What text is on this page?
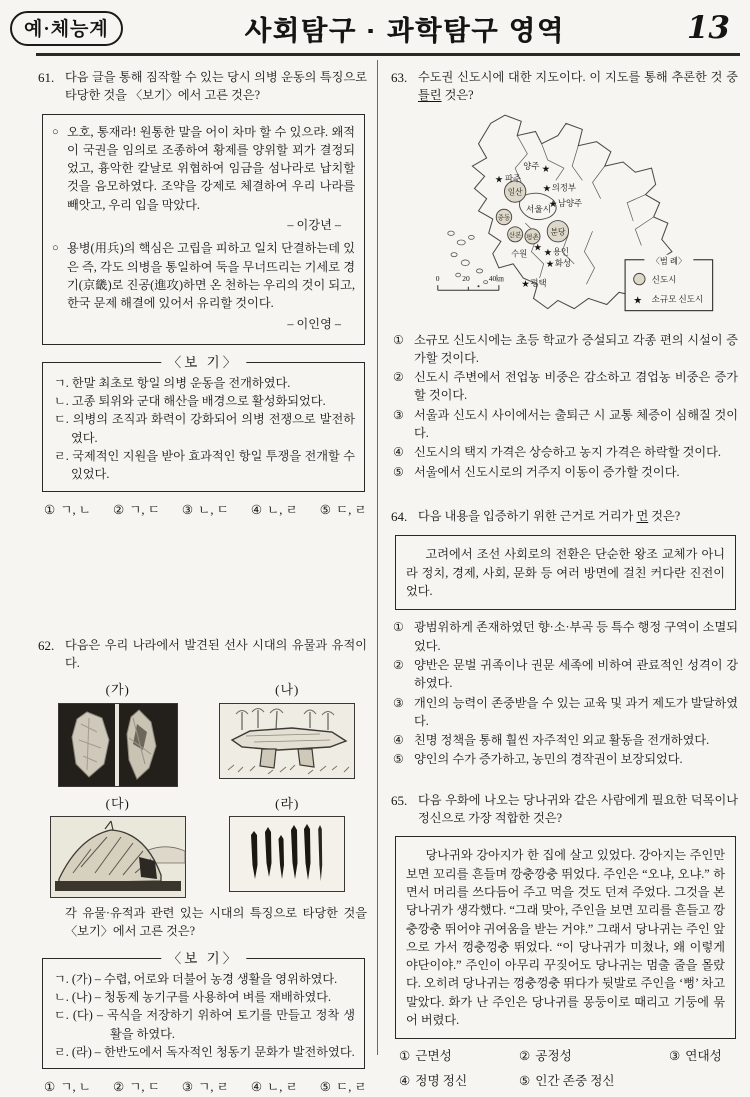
예·체능계	사회탐구 · 과학탐구 영역	13
61. 다음 글을 통해 짐작할 수 있는 당시 의병 운동의 특징으로 타당한 것을 〈보기〉에서 고른 것은?
○ 오호, 통재라! 원통한 말을 어이 차마 할 수 있으랴. 왜적이 국권을 임의로 조종하여 황제를 양위할 꾀가 결정되었고, 흉악한 칼날로 위협하여 임금을 섬나라로 납치할 것을 음모하였다. 조약을 강제로 체결하여 우리 나라를 빼앗고, 우리 입을 막았다.
– 이강년 –
○ 용병(用兵)의 핵심은 고립을 피하고 일치 단결하는데 있은 즉, 각도 의병을 통일하여 둑을 무너뜨리는 기세로 경기(京畿)로 진공(進攻)하면 온 천하는 우리의 것이 되고, 한국 문제 해결에 있어서 유리할 것이다.
– 이인영 –
〈보 기〉
ㄱ. 한말 최초로 항일 의병 운동을 전개하였다.
ㄴ. 고종 퇴위와 군대 해산을 배경으로 활성화되었다.
ㄷ. 의병의 조직과 화력이 강화되어 의병 전쟁으로 발전하였다.
ㄹ. 국제적인 지원을 받아 효과적인 항일 투쟁을 전개할 수 있었다.
① ㄱ, ㄴ ② ㄱ, ㄷ ③ ㄴ, ㄷ ④ ㄴ, ㄹ ⑤ ㄷ, ㄹ
62. 다음은 우리 나라에서 발견된 선사 시대의 유물과 유적이다.
(가)	(나)
(다)	(라)
각 유물·유적과 관련 있는 시대의 특징으로 타당한 것을 〈보기〉에서 고른 것은?
〈보 기〉
ㄱ. (가) – 수렵, 어로와 더불어 농경 생활을 영위하였다.
ㄴ. (나) – 청동제 농기구를 사용하여 벼를 재배하였다.
ㄷ. (다) – 곡식을 저장하기 위하여 토기를 만들고 정착 생활을 하였다.
ㄹ. (라) – 한반도에서 독자적인 청동기 문화가 발전하였다.
① ㄱ, ㄴ ② ㄱ, ㄷ ③ ㄱ, ㄹ ④ ㄴ, ㄹ ⑤ ㄷ, ㄹ
63. 수도권 신도시에 대한 지도이다. 이 지도를 통해 추론한 것 중 틀린 것은?
일산
중동
산본 평촌
분당
서울시
★
★
★
★
★ ★
★
★
파주
양주
의정부
남양주
수원	용인
화성
평택
0	20	40㎞
〈범 례〉
신도시
★ 소규모 신도시
① 소규모 신도시에는 초등 학교가 증설되고 각종 편의 시설이 증가할 것이다.
② 신도시 주변에서 전업농 비중은 감소하고 겸업농 비중은 증가할 것이다.
③ 서울과 신도시 사이에서는 출퇴근 시 교통 체증이 심해질 것이다.
④ 신도시의 택지 가격은 상승하고 농지 가격은 하락할 것이다.
⑤ 서울에서 신도시로의 거주지 이동이 증가할 것이다.
64. 다음 내용을 입증하기 위한 근거로 거리가 먼 것은?
고려에서 조선 사회로의 전환은 단순한 왕조 교체가 아니라 정치, 경제, 사회, 문화 등 여러 방면에 걸친 커다란 진전이었다.
① 광범위하게 존재하였던 향·소·부곡 등 특수 행정 구역이 소멸되었다.
② 양반은 문벌 귀족이나 권문 세족에 비하여 관료적인 성격이 강하였다.
③ 개인의 능력이 존중받을 수 있는 교육 및 과거 제도가 발달하였다.
④ 친명 정책을 통해 훨씬 자주적인 외교 활동을 전개하였다.
⑤ 양인의 수가 증가하고, 농민의 경작권이 보장되었다.
65. 다음 우화에 나오는 당나귀와 같은 사람에게 필요한 덕목이나 정신으로 가장 적합한 것은?
당나귀와 강아지가 한 집에 살고 있었다. 강아지는 주인만 보면 꼬리를 흔들며 깡충깡충 뛰었다. 주인은 “오냐, 오냐.” 하면서 머리를 쓰다듬어 주고 먹을 것도 던져 주었다. 그것을 본 당나귀가 생각했다. “그래 맞아, 주인을 보면 꼬리를 흔들고 깡충깡충 뛰어야 귀여움을 받는 거야.” 그래서 당나귀는 주인 앞으로 가서 껑충껑충 뛰었다. “이 당나귀가 미쳤나, 왜 이렇게 야단이야.” 주인이 아무리 꾸짖어도 당나귀는 멈출 줄을 몰랐다. 오히려 당나귀는 껑충껑충 뛰다가 뒷발로 주인을 ‘뻥’ 차고 말았다. 화가 난 주인은 당나귀를 몽둥이로 때리고 기둥에 묶어 버렸다.
① 근면성	② 공정성	③ 연대성
④ 정명 정신	⑤ 인간 존중 정신
